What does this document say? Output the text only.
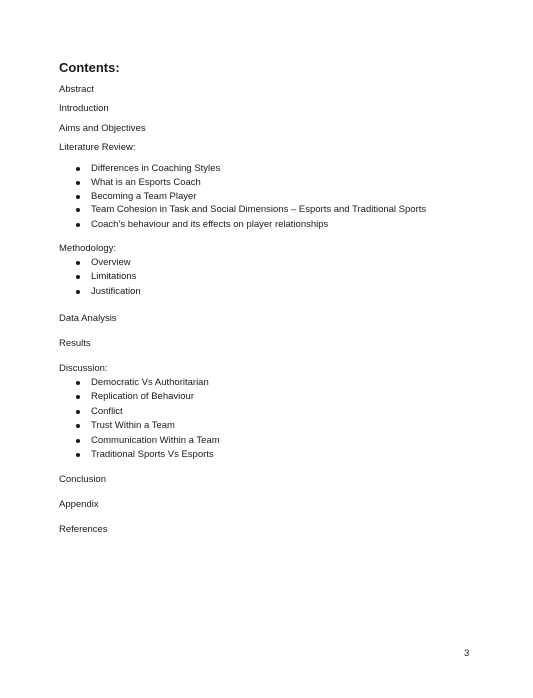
Contents:

Abstract

Introduction

Aims and Objectives

Literature Review:

Differences in Coaching Styles
What is an Esports Coach
Becoming a Team Player
Team Cohesion in Task and Social Dimensions – Esports and Traditional Sports
Coach’s behaviour and its effects on player relationships

Methodology:

Overview
Limitations
Justification

Data Analysis

Results

Discussion:

Democratic Vs Authoritarian
Replication of Behaviour
Conflict
Trust Within a Team
Communication Within a Team
Traditional Sports Vs Esports

Conclusion

Appendix

References

3
